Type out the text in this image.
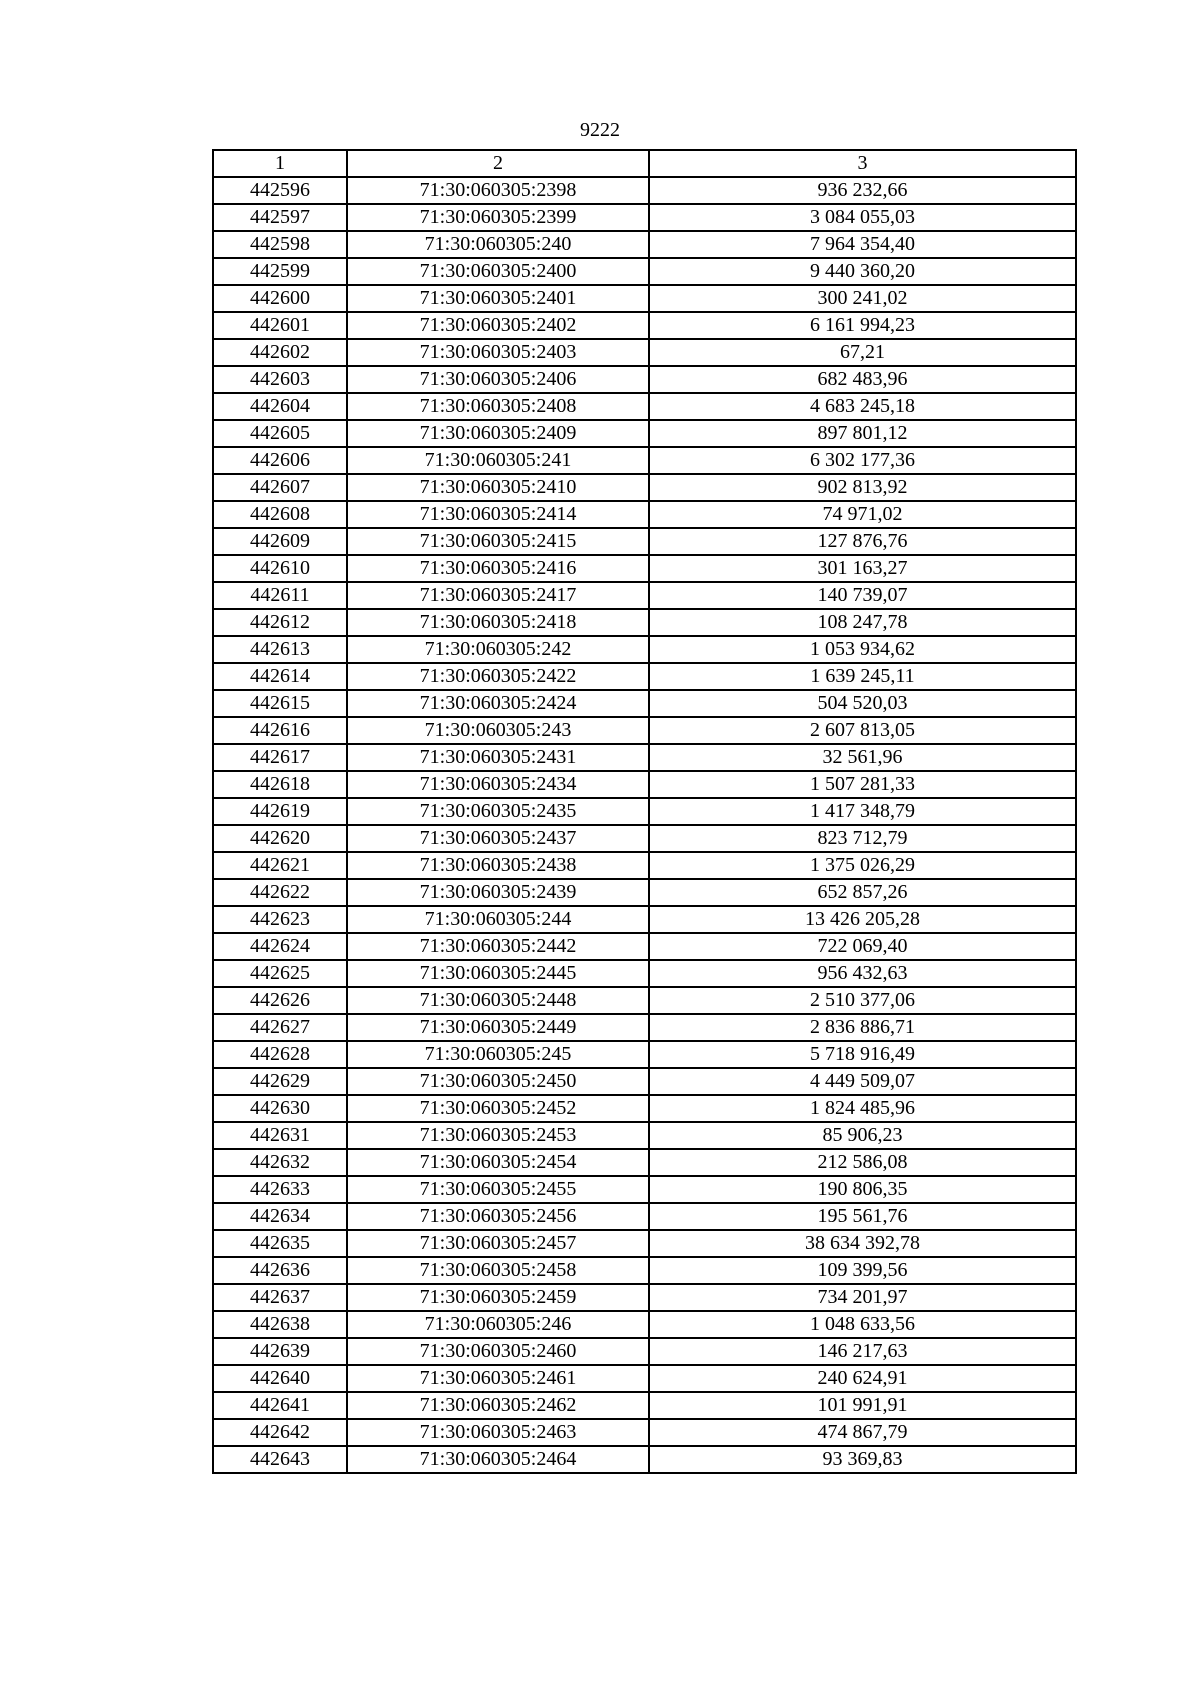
9222
1	2	3
442596	71:30:060305:2398	936 232,66
442597	71:30:060305:2399	3 084 055,03
442598	71:30:060305:240	7 964 354,40
442599	71:30:060305:2400	9 440 360,20
442600	71:30:060305:2401	300 241,02
442601	71:30:060305:2402	6 161 994,23
442602	71:30:060305:2403	67,21
442603	71:30:060305:2406	682 483,96
442604	71:30:060305:2408	4 683 245,18
442605	71:30:060305:2409	897 801,12
442606	71:30:060305:241	6 302 177,36
442607	71:30:060305:2410	902 813,92
442608	71:30:060305:2414	74 971,02
442609	71:30:060305:2415	127 876,76
442610	71:30:060305:2416	301 163,27
442611	71:30:060305:2417	140 739,07
442612	71:30:060305:2418	108 247,78
442613	71:30:060305:242	1 053 934,62
442614	71:30:060305:2422	1 639 245,11
442615	71:30:060305:2424	504 520,03
442616	71:30:060305:243	2 607 813,05
442617	71:30:060305:2431	32 561,96
442618	71:30:060305:2434	1 507 281,33
442619	71:30:060305:2435	1 417 348,79
442620	71:30:060305:2437	823 712,79
442621	71:30:060305:2438	1 375 026,29
442622	71:30:060305:2439	652 857,26
442623	71:30:060305:244	13 426 205,28
442624	71:30:060305:2442	722 069,40
442625	71:30:060305:2445	956 432,63
442626	71:30:060305:2448	2 510 377,06
442627	71:30:060305:2449	2 836 886,71
442628	71:30:060305:245	5 718 916,49
442629	71:30:060305:2450	4 449 509,07
442630	71:30:060305:2452	1 824 485,96
442631	71:30:060305:2453	85 906,23
442632	71:30:060305:2454	212 586,08
442633	71:30:060305:2455	190 806,35
442634	71:30:060305:2456	195 561,76
442635	71:30:060305:2457	38 634 392,78
442636	71:30:060305:2458	109 399,56
442637	71:30:060305:2459	734 201,97
442638	71:30:060305:246	1 048 633,56
442639	71:30:060305:2460	146 217,63
442640	71:30:060305:2461	240 624,91
442641	71:30:060305:2462	101 991,91
442642	71:30:060305:2463	474 867,79
442643	71:30:060305:2464	93 369,83
